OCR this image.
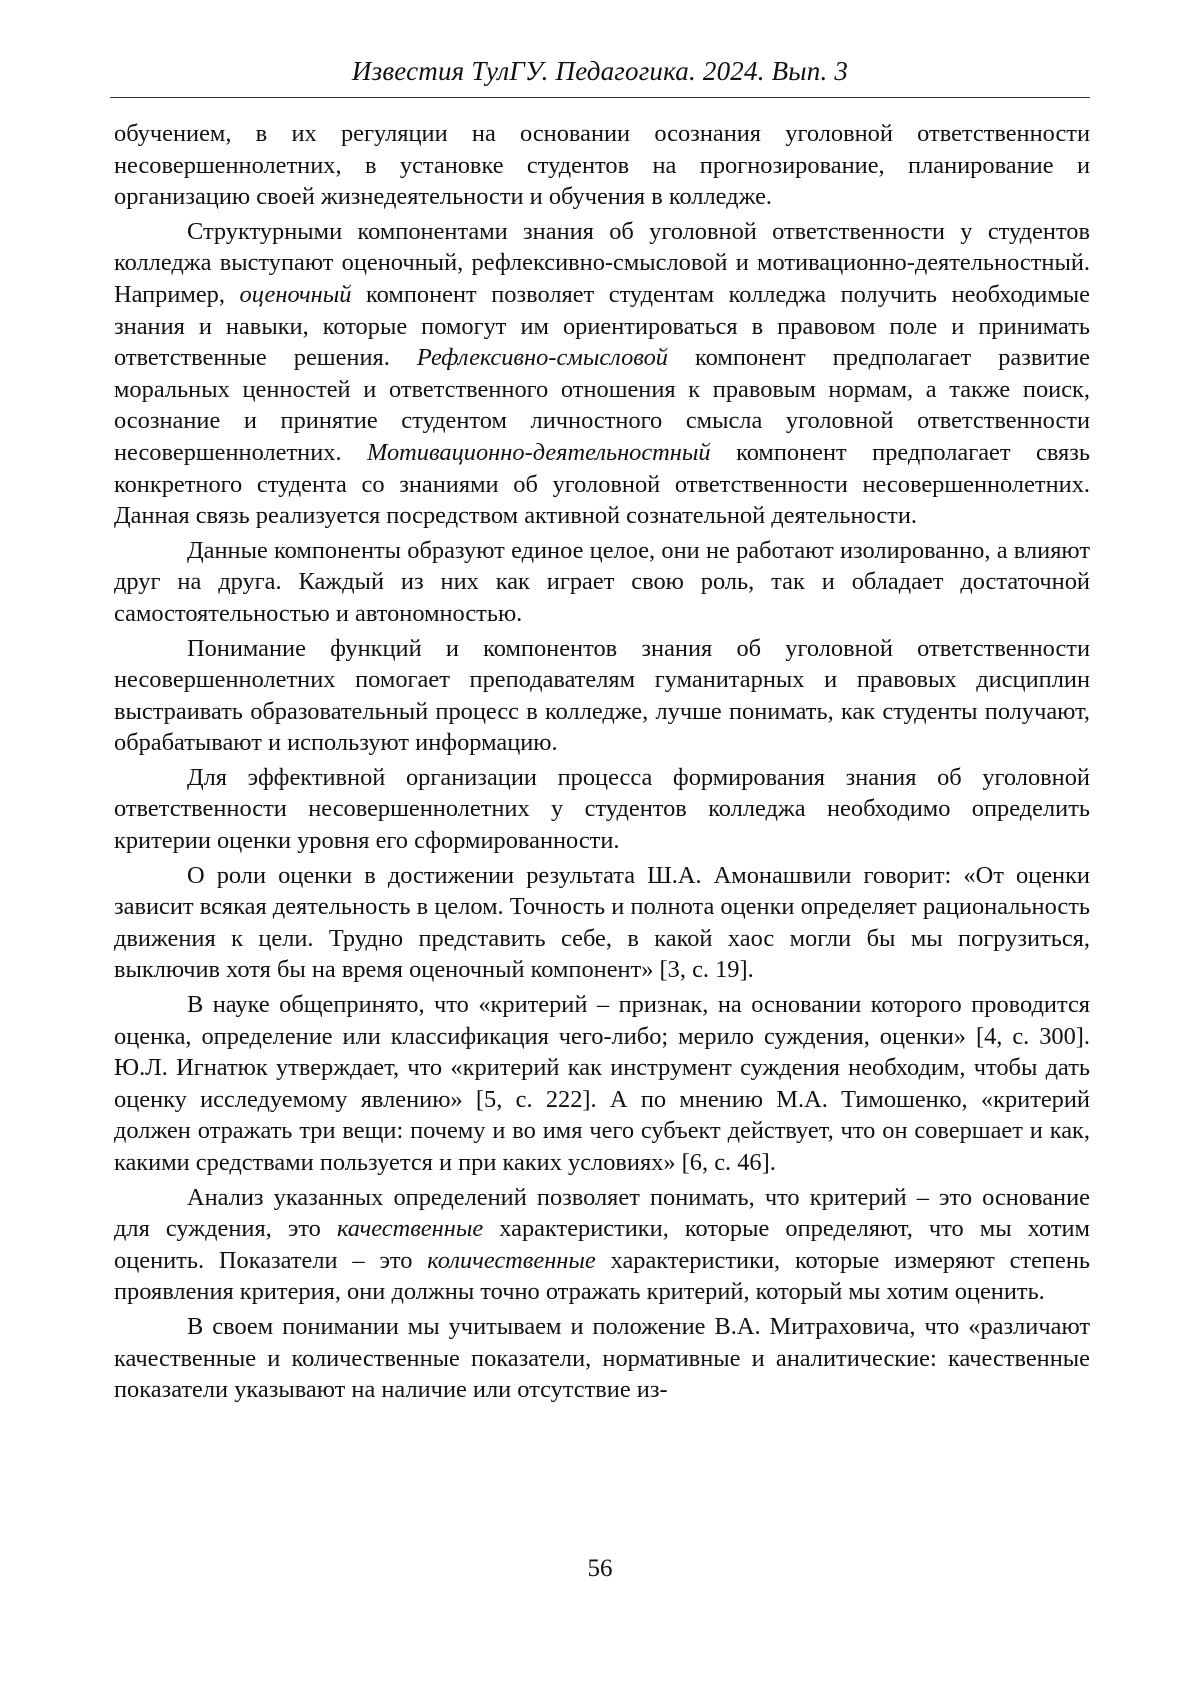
Известия ТулГУ. Педагогика. 2024. Вып. 3

обучением, в их регуляции на основании осознания уголовной ответственности несовершеннолетних, в установке студентов на прогнозирование, планирование и организацию своей жизнедеятельности и обучения в колледже.

Структурными компонентами знания об уголовной ответственности у студентов колледжа выступают оценочный, рефлексивно-смысловой и мотивационно-деятельностный. Например, оценочный компонент позволяет студентам колледжа получить необходимые знания и навыки, которые помогут им ориентироваться в правовом поле и принимать ответственные решения. Рефлексивно-смысловой компонент предполагает развитие моральных ценностей и ответственного отношения к правовым нормам, а также поиск, осознание и принятие студентом личностного смысла уголовной ответственности несовершеннолетних. Мотивационно-деятельностный компонент предполагает связь конкретного студента со знаниями об уголовной ответственности несовершеннолетних. Данная связь реализуется посредством активной сознательной деятельности.

Данные компоненты образуют единое целое, они не работают изолированно, а влияют друг на друга. Каждый из них как играет свою роль, так и обладает достаточной самостоятельностью и автономностью.

Понимание функций и компонентов знания об уголовной ответственности несовершеннолетних помогает преподавателям гуманитарных и правовых дисциплин выстраивать образовательный процесс в колледже, лучше понимать, как студенты получают, обрабатывают и используют информацию.

Для эффективной организации процесса формирования знания об уголовной ответственности несовершеннолетних у студентов колледжа необходимо определить критерии оценки уровня его сформированности.

О роли оценки в достижении результата Ш.А. Амонашвили говорит: «От оценки зависит всякая деятельность в целом. Точность и полнота оценки определяет рациональность движения к цели. Трудно представить себе, в какой хаос могли бы мы погрузиться, выключив хотя бы на время оценочный компонент» [3, с. 19].

В науке общепринято, что «критерий – признак, на основании которого проводится оценка, определение или классификация чего-либо; мерило суждения, оценки» [4, с. 300]. Ю.Л. Игнатюк утверждает, что «критерий как инструмент суждения необходим, чтобы дать оценку исследуемому явлению» [5, с. 222]. А по мнению М.А. Тимошенко, «критерий должен отражать три вещи: почему и во имя чего субъект действует, что он совершает и как, какими средствами пользуется и при каких условиях» [6, с. 46].

Анализ указанных определений позволяет понимать, что критерий – это основание для суждения, это качественные характеристики, которые определяют, что мы хотим оценить. Показатели – это количественные характеристики, которые измеряют степень проявления критерия, они должны точно отражать критерий, который мы хотим оценить.

В своем понимании мы учитываем и положение В.А. Митраховича, что «различают качественные и количественные показатели, нормативные и аналитические: качественные показатели указывают на наличие или отсутствие из-

56
